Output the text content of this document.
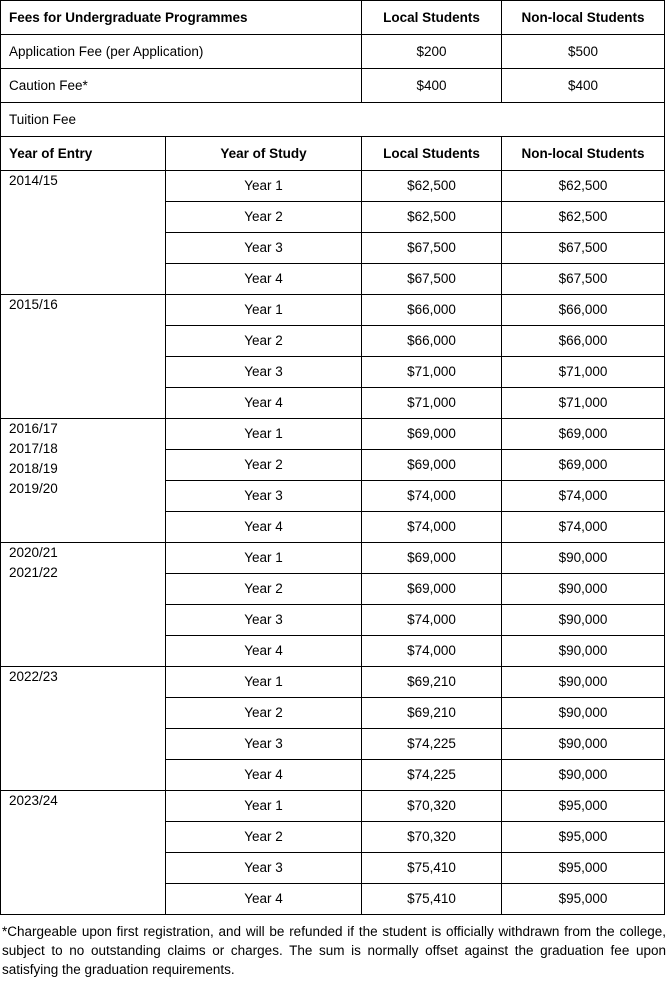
Fees for Undergraduate Programmes		Local Students	Non-local Students
Application Fee (per Application)		$200	$500
Caution Fee*		$400	$400
Tuition Fee			
Year of Entry	Year of Study	Local Students	Non-local Students

2014/15	Year 1	$62,500	$62,500
	Year 2	$62,500	$62,500
	Year 3	$67,500	$67,500
	Year 4	$67,500	$67,500

2015/16	Year 1	$66,000	$66,000
	Year 2	$66,000	$66,000
	Year 3	$71,000	$71,000
	Year 4	$71,000	$71,000

2016/17
2017/18
2018/19
2019/20	Year 1	$69,000	$69,000
	Year 2	$69,000	$69,000
	Year 3	$74,000	$74,000
	Year 4	$74,000	$74,000

2020/21
2021/22	Year 1	$69,000	$90,000
	Year 2	$69,000	$90,000
	Year 3	$74,000	$90,000
	Year 4	$74,000	$90,000

2022/23	Year 1	$69,210	$90,000
	Year 2	$69,210	$90,000
	Year 3	$74,225	$90,000
	Year 4	$74,225	$90,000

2023/24	Year 1	$70,320	$95,000
	Year 2	$70,320	$95,000
	Year 3	$75,410	$95,000
	Year 4	$75,410	$95,000
*Chargeable upon first registration, and will be refunded if the student is officially withdrawn from the college, subject to no outstanding claims or charges. The sum is normally offset against the graduation fee upon satisfying the graduation requirements.
